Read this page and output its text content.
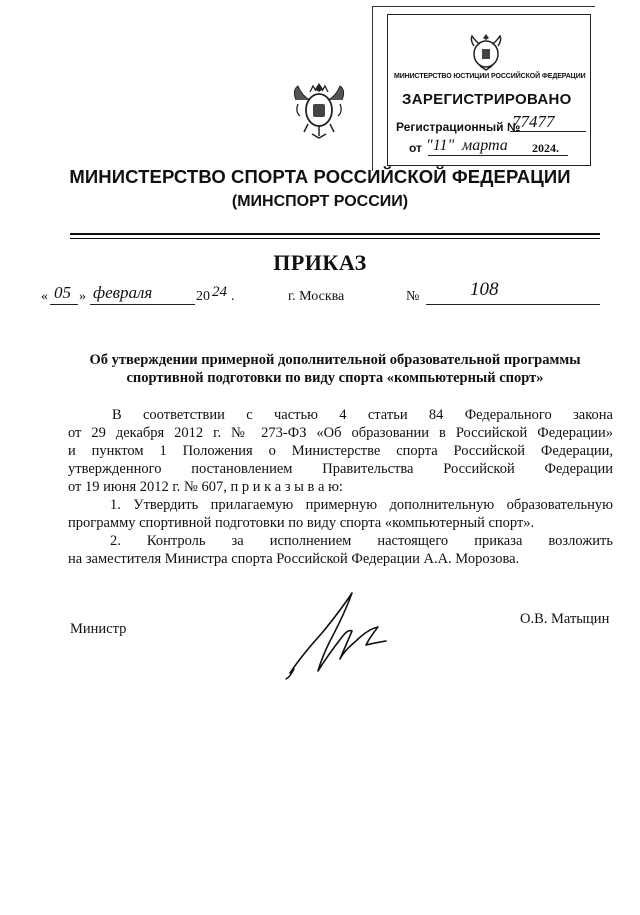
МИНИСТЕРСТВО ЮСТИЦИИ РОССИЙСКОЙ ФЕДЕРАЦИИ
ЗАРЕГИСТРИРОВАНО
Регистрационный №
77477
от "11" марта 2024.
МИНИСТЕРСТВО СПОРТА РОССИЙСКОЙ ФЕДЕРАЦИИ
(МИНСПОРТ РОССИИ)
ПРИКАЗ
« 05 » февраля	20 24 .	г. Москва	№	108
Об утверждении примерной дополнительной образовательной программы
спортивной подготовки по виду спорта «компьютерный спорт»
В соответствии с частью 4 статьи 84 Федерального закона
от 29 декабря 2012 г. № 273-ФЗ «Об образовании в Российской Федерации»
и пунктом 1 Положения о Министерстве спорта Российской Федерации,
утвержденного постановлением Правительства Российской Федерации
от 19 июня 2012 г. № 607, п р и к а з ы в а ю:
1. Утвердить прилагаемую примерную дополнительную образовательную
программу спортивной подготовки по виду спорта «компьютерный спорт».
2. Контроль за исполнением настоящего приказа возложить
на заместителя Министра спорта Российской Федерации А.А. Морозова.
Министр
О.В. Матыцин
